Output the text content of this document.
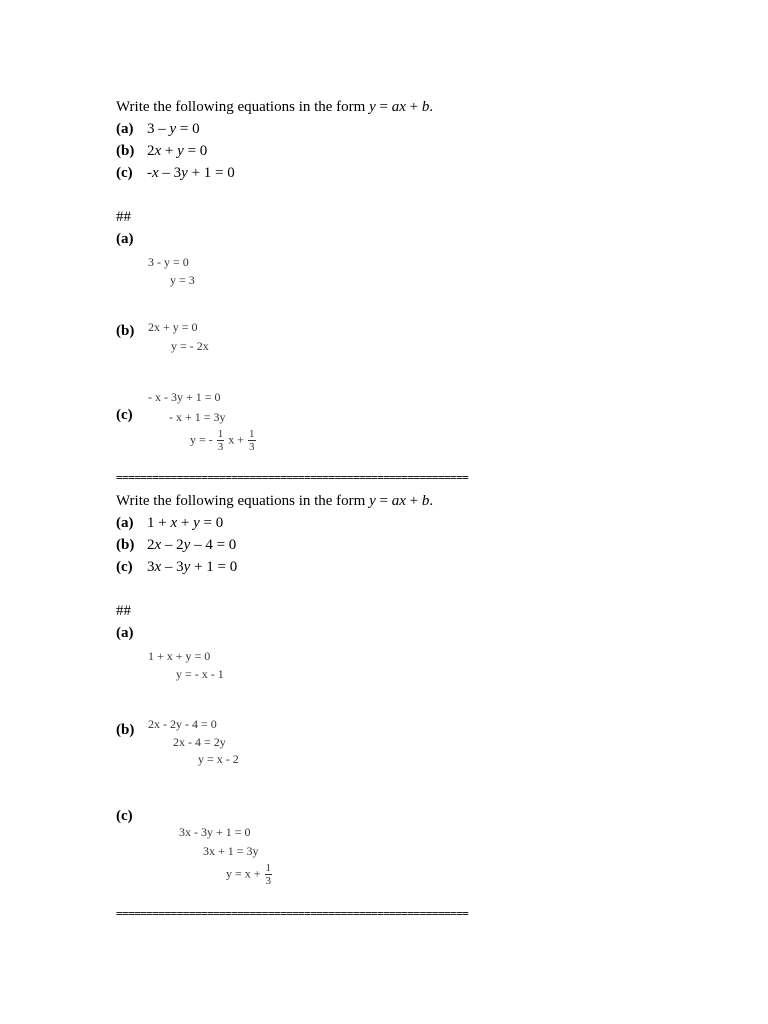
Write the following equations in the form y = ax + b.
(a) 3 – y = 0
(b) 2x + y = 0
(c) -x – 3y + 1 = 0
##
(a)
3 - y = 0
y = 3
(b) 2x + y = 0
y = - 2x
(c)
- x - 3y + 1 = 0
- x + 1 = 3y
y = - $\frac{1}{3}$ $x + \frac{1}{3}$
==========================================================
Write the following equations in the form y = ax + b.
(a) 1 + x + y = 0
(b) 2x – 2y – 4 = 0
(c) 3x – 3y + 1 = 0
##
(a)
1 + x + y = 0
y = - x - 1
(b) 2x - 2y - 4 = 0
2x - 4 = 2y
y = x - 2
(c)
3x - 3y + 1 = 0
3x + 1 = 3y
$y = x + \frac{1}{3}$
==========================================================
